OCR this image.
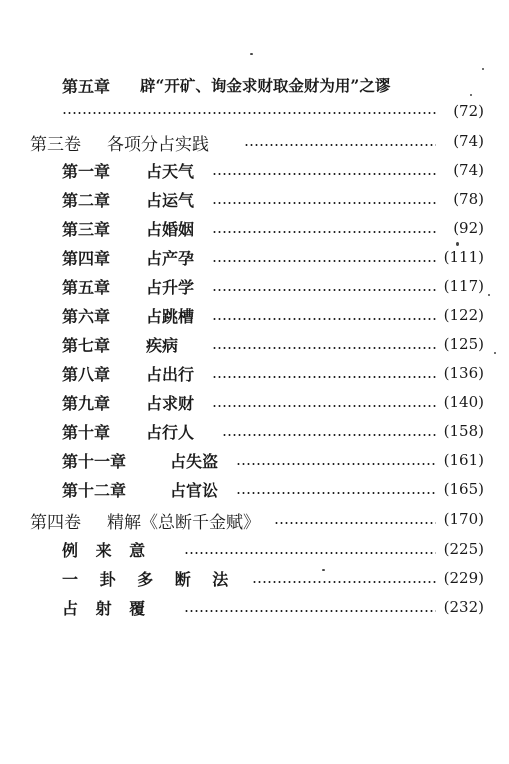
第五章 辟“开矿、询金求财取金财为用”之谬
(72)
第三卷 各项分占实践	(74)
第一章 占天气	(74)
第二章 占运气	(78)
第三章 占婚姻	(92)
第四章 占产孕	(111)
第五章 占升学	(117)
第六章 占跳槽	(122)
第七章 疾病	(125)
第八章 占出行	(136)
第九章 占求财	(140)
第十章 占行人	(158)
第十一章	占失盗	(161)
第十二章	占官讼	(165)
第四卷 精解《总断千金赋》	(170)
例 来 意	(225)
一 卦 多 断 法	(229)
占 射 覆	(232)
